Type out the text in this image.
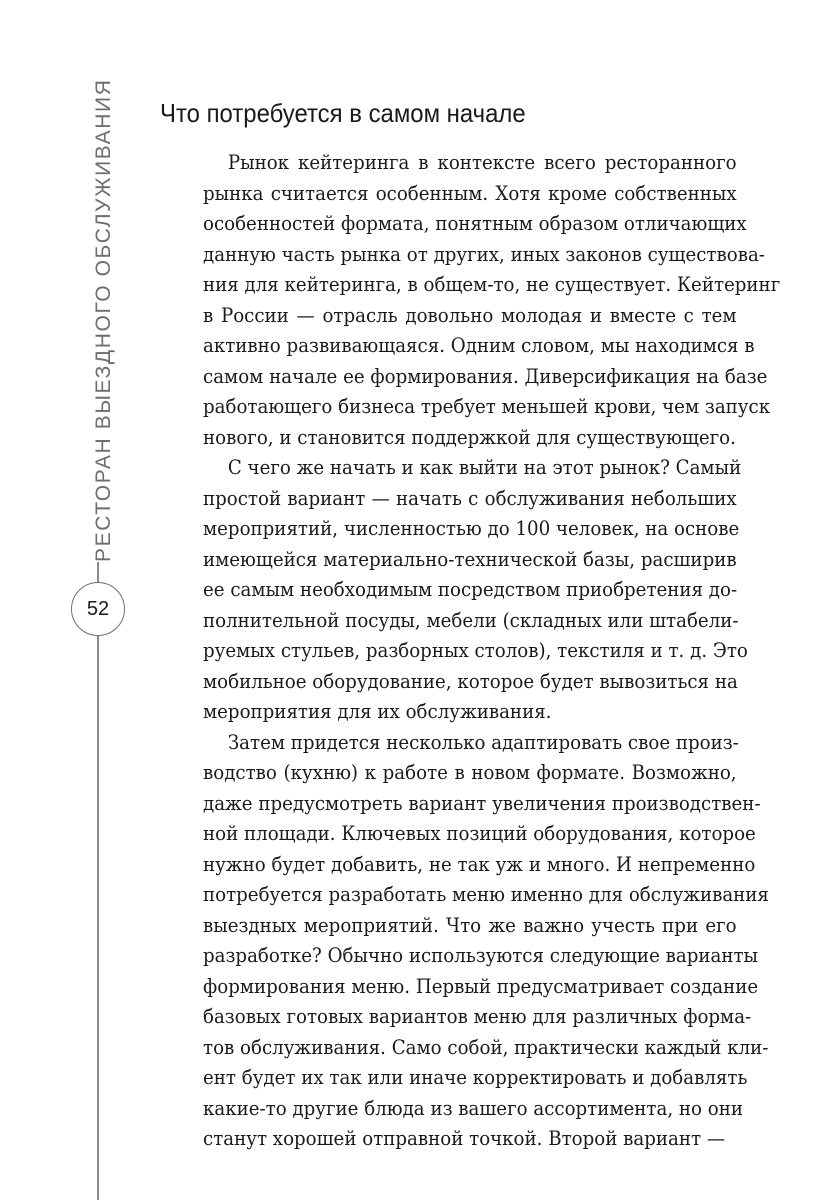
РЕСТОРАН ВЫЕЗДНОГО ОБСЛУЖИВАНИЯ
52
Что потребуется в самом начале
Рынок кейтеринга в контексте всего ресторанного
рынка считается особенным. Хотя кроме собственных
особенностей формата, понятным образом отличающих
данную часть рынка от других, иных законов существова-
ния для кейтеринга, в общем-то, не существует. Кейтеринг
в России — отрасль довольно молодая и вместе с тем
активно развивающаяся. Одним словом, мы находимся в
самом начале ее формирования. Диверсификация на базе
работающего бизнеса требует меньшей крови, чем запуск
нового, и становится поддержкой для существующего.
С чего же начать и как выйти на этот рынок? Самый
простой вариант — начать с обслуживания небольших
мероприятий, численностью до 100 человек, на основе
имеющейся материально-технической базы, расширив
ее самым необходимым посредством приобретения до-
полнительной посуды, мебели (складных или штабели-
руемых стульев, разборных столов), текстиля и т. д. Это
мобильное оборудование, которое будет вывозиться на
мероприятия для их обслуживания.
Затем придется несколько адаптировать свое произ-
водство (кухню) к работе в новом формате. Возможно,
даже предусмотреть вариант увеличения производствен-
ной площади. Ключевых позиций оборудования, которое
нужно будет добавить, не так уж и много. И непременно
потребуется разработать меню именно для обслуживания
выездных мероприятий. Что же важно учесть при его
разработке? Обычно используются следующие варианты
формирования меню. Первый предусматривает создание
базовых готовых вариантов меню для различных форма-
тов обслуживания. Само собой, практически каждый кли-
ент будет их так или иначе корректировать и добавлять
какие-то другие блюда из вашего ассортимента, но они
станут хорошей отправной точкой. Второй вариант —
